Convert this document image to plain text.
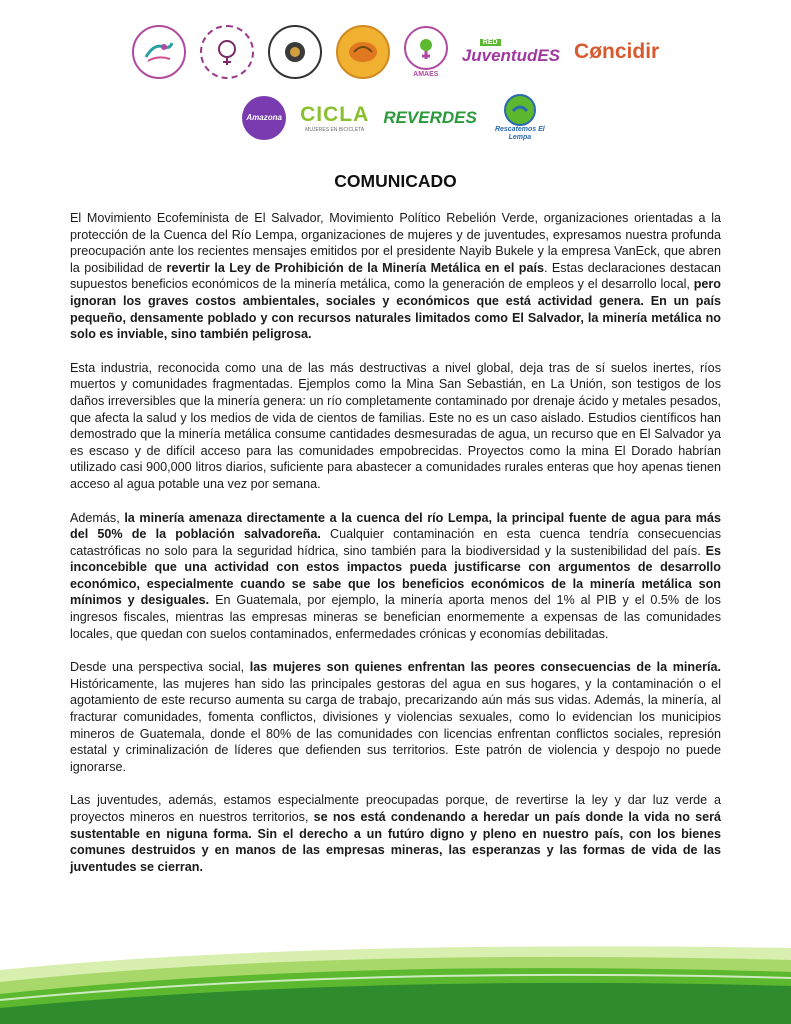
AMAES
RED
JuventudES Cøncidir
Amazona CICLA
MUJERES EN BICICLETA
REVERDES
Rescatemos El Lempa
COMUNICADO

El Movimiento Ecofeminista de El Salvador, Movimiento Político Rebelión Verde, organizaciones orientadas a la protección de la Cuenca del Río Lempa, organizaciones de mujeres y de juventudes, expresamos nuestra profunda preocupación ante los recientes mensajes emitidos por el presidente Nayib Bukele y la empresa VanEck, que abren la posibilidad de revertir la Ley de Prohibición de la Minería Metálica en el país. Estas declaraciones destacan supuestos beneficios económicos de la minería metálica, como la generación de empleos y el desarrollo local, pero ignoran los graves costos ambientales, sociales y económicos que está actividad genera. En un país pequeño, densamente poblado y con recursos naturales limitados como El Salvador, la minería metálica no solo es inviable, sino también peligrosa.

Esta industria, reconocida como una de las más destructivas a nivel global, deja tras de sí suelos inertes, ríos muertos y comunidades fragmentadas. Ejemplos como la Mina San Sebastián, en La Unión, son testigos de los daños irreversibles que la minería genera: un río completamente contaminado por drenaje ácido y metales pesados, que afecta la salud y los medios de vida de cientos de familias. Este no es un caso aislado. Estudios científicos han demostrado que la minería metálica consume cantidades desmesuradas de agua, un recurso que en El Salvador ya es escaso y de difícil acceso para las comunidades empobrecidas. Proyectos como la mina El Dorado habrían utilizado casi 900,000 litros diarios, suficiente para abastecer a comunidades rurales enteras que hoy apenas tienen acceso al agua potable una vez por semana.

Además, la minería amenaza directamente a la cuenca del río Lempa, la principal fuente de agua para más del 50% de la población salvadoreña. Cualquier contaminación en esta cuenca tendría consecuencias catastróficas no solo para la seguridad hídrica, sino también para la biodiversidad y la sustenibilidad del país. Es inconcebible que una actividad con estos impactos pueda justificarse con argumentos de desarrollo económico, especialmente cuando se sabe que los beneficios económicos de la minería metálica son mínimos y desiguales. En Guatemala, por ejemplo, la minería aporta menos del 1% al PIB y el 0.5% de los ingresos fiscales, mientras las empresas mineras se benefician enormemente a expensas de las comunidades locales, que quedan con suelos contaminados, enfermedades crónicas y economías debilitadas.

Desde una perspectiva social, las mujeres son quienes enfrentan las peores consecuencias de la minería. Históricamente, las mujeres han sido las principales gestoras del agua en sus hogares, y la contaminación o el agotamiento de este recurso aumenta su carga de trabajo, precarizando aún más sus vidas. Además, la minería, al fracturar comunidades, fomenta conflictos, divisiones y violencias sexuales, como lo evidencian los municipios mineros de Guatemala, donde el 80% de las comunidades con licencias enfrentan conflictos sociales, represión estatal y criminalización de líderes que defienden sus territorios. Este patrón de violencia y despojo no puede ignorarse.

Las juventudes, además, estamos especialmente preocupadas porque, de revertirse la ley y dar luz verde a proyectos mineros en nuestros territorios, se nos está condenando a heredar un país donde la vida no será sustentable en niguna forma. Sin el derecho a un futúro digno y pleno en nuestro país, con los bienes comunes destruidos y en manos de las empresas mineras, las esperanzas y las formas de vida de las juventudes se cierran.
